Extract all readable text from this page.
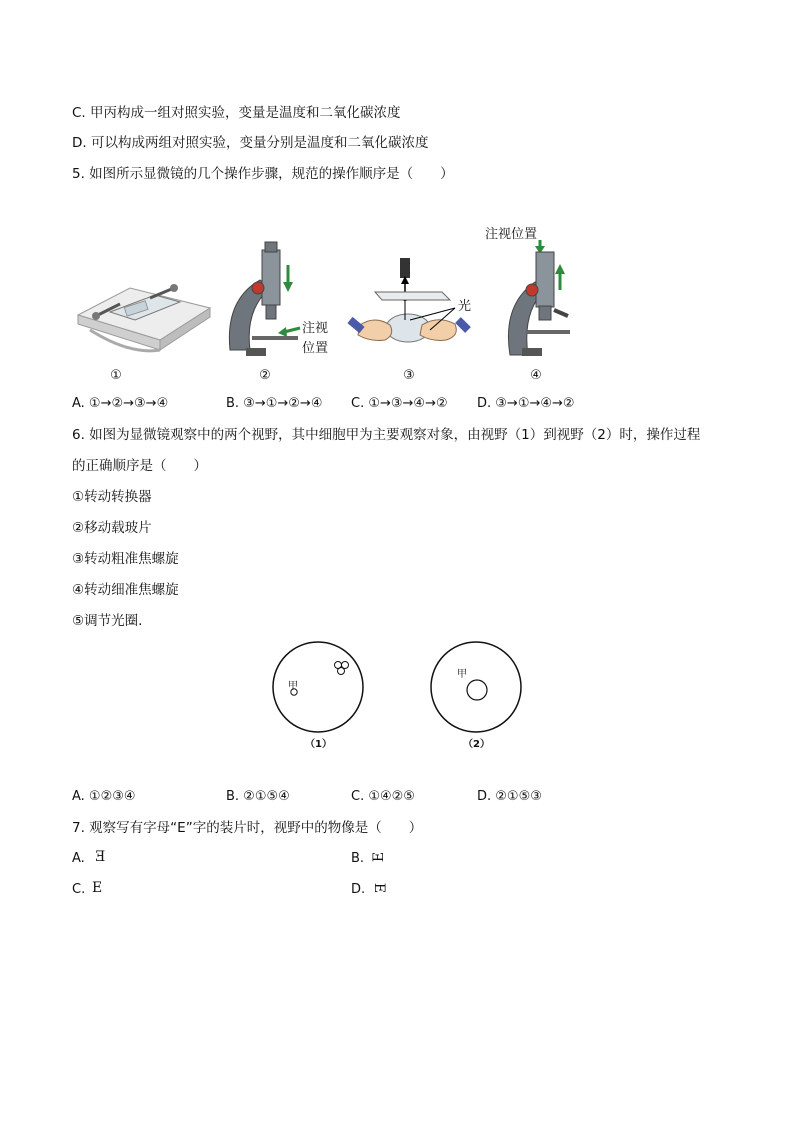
C. 甲丙构成一组对照实验，变量是温度和二氧化碳浓度
D. 可以构成两组对照实验，变量分别是温度和二氧化碳浓度
5. 如图所示显微镜的几个操作步骤，规范的操作顺序是（　　）
注视
位置
光
注视位置
①	②	③	④
A. ①→②→③→④	B. ③→①→②→④ C. ①→③→④→② D. ③→①→④→②
6. 如图为显微镜观察中的两个视野，其中细胞甲为主要观察对象，由视野（1）到视野（2）时，操作过程
的正确顺序是（　　）
①转动转换器
②移动载玻片
③转动粗准焦螺旋
④转动细准焦螺旋
⑤调节光圈.
甲
甲
（1）	（2）
A. ①②③④	B. ②①⑤④	C. ①④②⑤	D. ②①⑤③
7. 观察写有字母“E”字的装片时，视野中的物像是（　　）
A. E	B. E
C. E	D. E
